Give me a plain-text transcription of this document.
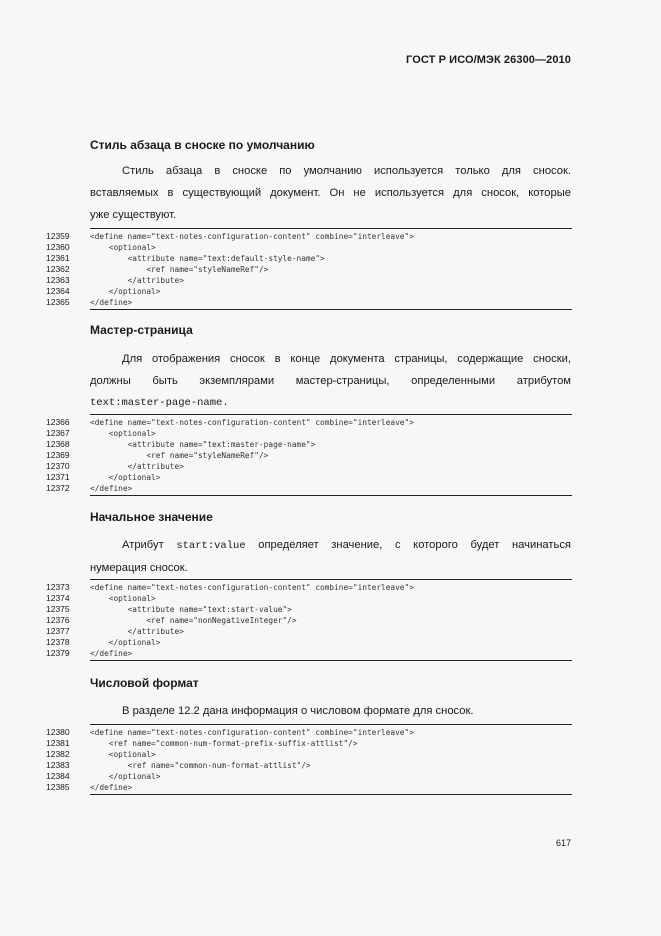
ГОСТ Р ИСО/МЭК 26300—2010
Стиль абзаца в сноске по умолчанию
Стиль абзаца в сноске по умолчанию используется только для сносок.
вставляемых в существующий документ. Он не используется для сносок, которые
уже существуют.
12359	<define name="text-notes-configuration-content" combine="interleave">
12360	<optional>
12361	<attribute name="text:default-style-name">
12362	<ref name="styleNameRef"/>
12363	</attribute>
12364	</optional>
12365	</define>
Мастер-страница
Для отображения сносок в конце документа страницы, содержащие сноски,
должны быть экземплярами мастер-страницы, определенными атрибутом
text:master-page-name.
12366	<define name="text-notes-configuration-content" combine="interleave">
12367	<optional>
12368	<attribute name="text:master-page-name">
12369	<ref name="styleNameRef"/>
12370	</attribute>
12371	</optional>
12372	</define>
Начальное значение
Атрибут start:value определяет значение, с которого будет начинаться
нумерация сносок.
12373	<define name="text-notes-configuration-content" combine="interleave">
12374	<optional>
12375	<attribute name="text:start-value">
12376	<ref name="nonNegativeInteger"/>
12377	</attribute>
12378	</optional>
12379	</define>
Числовой формат
В разделе 12.2 дана информация о числовом формате для сносок.
12380	<define name="text-notes-configuration-content" combine="interleave">
12381	<ref name="common-num-format-prefix-suffix-attlist"/>
12382	<optional>
12383	<ref name="common-num-format-attlist"/>
12384	</optional>
12385	</define>
617
